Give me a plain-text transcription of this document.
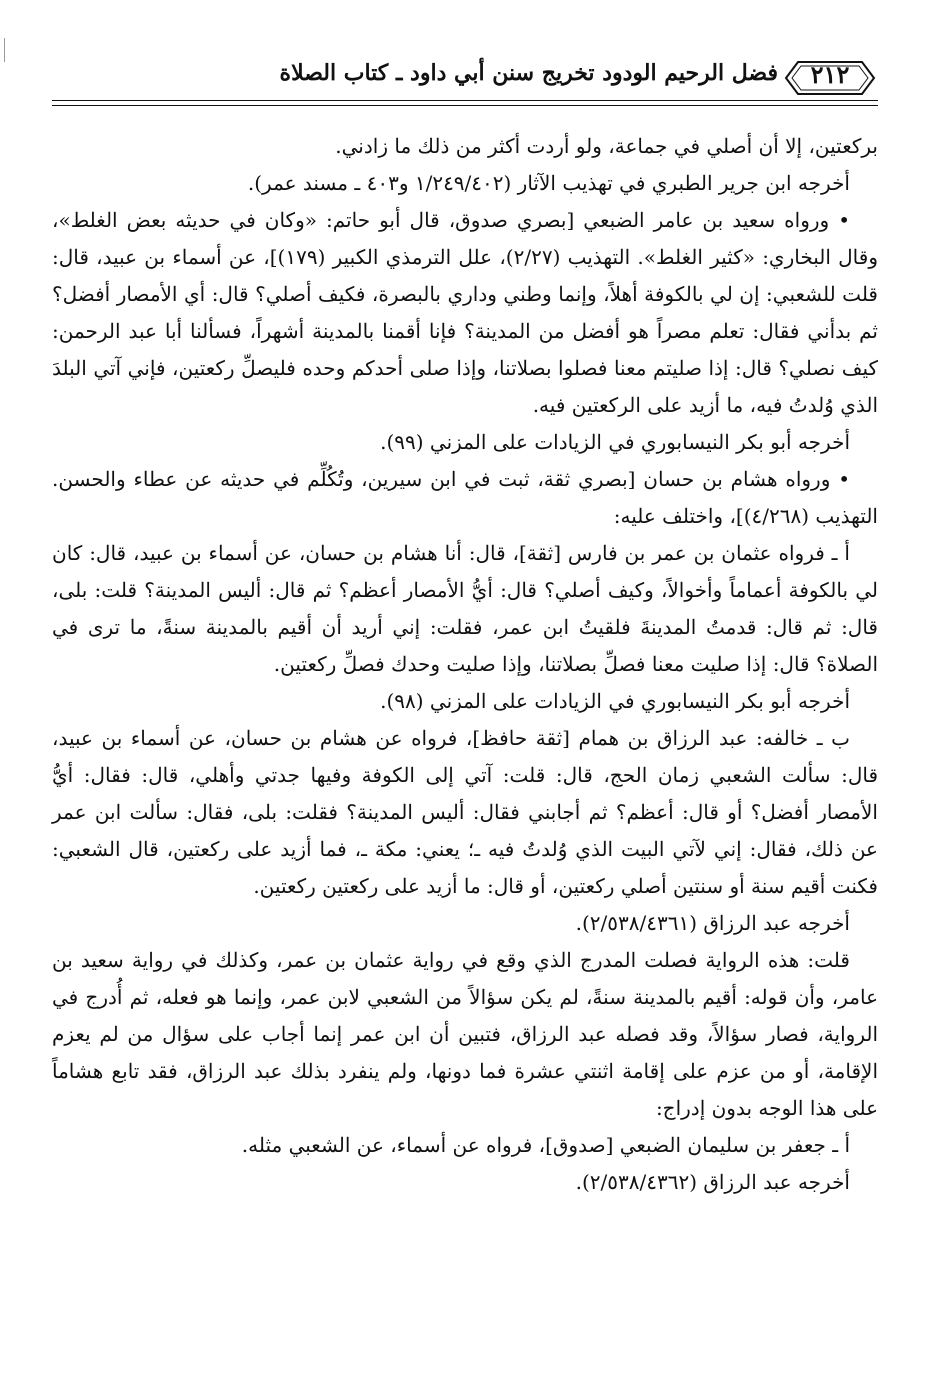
فضل الرحيم الودود تخريج سنن أبي داود ـ كتاب الصلاة	٢١٢

بركعتين، إلا أن أصلي في جماعة، ولو أردت أكثر من ذلك ما زادني.

أخرجه ابن جرير الطبري في تهذيب الآثار (١/٢٤٩/٤٠٢ و٤٠٣ ـ مسند عمر).

• ورواه سعيد بن عامر الضبعي [بصري صدوق، قال أبو حاتم: «وكان في حديثه بعض الغلط»، وقال البخاري: «كثير الغلط». التهذيب (٢/٢٧)، علل الترمذي الكبير (١٧٩)]، عن أسماء بن عبيد، قال: قلت للشعبي: إن لي بالكوفة أهلاً، وإنما وطني وداري بالبصرة، فكيف أصلي؟ قال: أي الأمصار أفضل؟ ثم بدأني فقال: تعلم مصراً هو أفضل من المدينة؟ فإنا أقمنا بالمدينة أشهراً، فسألنا أبا عبد الرحمن: كيف نصلي؟ قال: إذا صليتم معنا فصلوا بصلاتنا، وإذا صلى أحدكم وحده فليصلِّ ركعتين، فإني آتي البلدَ الذي وُلدتُ فيه، ما أزيد على الركعتين فيه.

أخرجه أبو بكر النيسابوري في الزيادات على المزني (٩٩).

• ورواه هشام بن حسان [بصري ثقة، ثبت في ابن سيرين، وتُكُلِّم في حديثه عن عطاء والحسن. التهذيب (٤/٢٦٨)]، واختلف عليه:

أ ـ فرواه عثمان بن عمر بن فارس [ثقة]، قال: أنا هشام بن حسان، عن أسماء بن عبيد، قال: كان لي بالكوفة أعماماً وأخوالاً، وكيف أصلي؟ قال: أيُّ الأمصار أعظم؟ ثم قال: أليس المدينة؟ قلت: بلى، قال: ثم قال: قدمتُ المدينةَ فلقيتُ ابن عمر، فقلت: إني أريد أن أقيم بالمدينة سنةً، ما ترى في الصلاة؟ قال: إذا صليت معنا فصلِّ بصلاتنا، وإذا صليت وحدك فصلِّ ركعتين.

أخرجه أبو بكر النيسابوري في الزيادات على المزني (٩٨).

ب ـ خالفه: عبد الرزاق بن همام [ثقة حافظ]، فرواه عن هشام بن حسان، عن أسماء بن عبيد، قال: سألت الشعبي زمان الحج، قال: قلت: آتي إلى الكوفة وفيها جدتي وأهلي، قال: فقال: أيُّ الأمصار أفضل؟ أو قال: أعظم؟ ثم أجابني فقال: أليس المدينة؟ فقلت: بلى، فقال: سألت ابن عمر عن ذلك، فقال: إني لآتي البيت الذي وُلدتُ فيه ـ؛ يعني: مكة ـ، فما أزيد على ركعتين، قال الشعبي: فكنت أقيم سنة أو سنتين أصلي ركعتين، أو قال: ما أزيد على ركعتين ركعتين.

أخرجه عبد الرزاق (٢/٥٣٨/٤٣٦١).

قلت: هذه الرواية فصلت المدرج الذي وقع في رواية عثمان بن عمر، وكذلك في رواية سعيد بن عامر، وأن قوله: أقيم بالمدينة سنةً، لم يكن سؤالاً من الشعبي لابن عمر، وإنما هو فعله، ثم أُدرج في الرواية، فصار سؤالاً، وقد فصله عبد الرزاق، فتبين أن ابن عمر إنما أجاب على سؤال من لم يعزم الإقامة، أو من عزم على إقامة اثنتي عشرة فما دونها، ولم ينفرد بذلك عبد الرزاق، فقد تابع هشاماً على هذا الوجه بدون إدراج:

أ ـ جعفر بن سليمان الضبعي [صدوق]، فرواه عن أسماء، عن الشعبي مثله.

أخرجه عبد الرزاق (٢/٥٣٨/٤٣٦٢).
